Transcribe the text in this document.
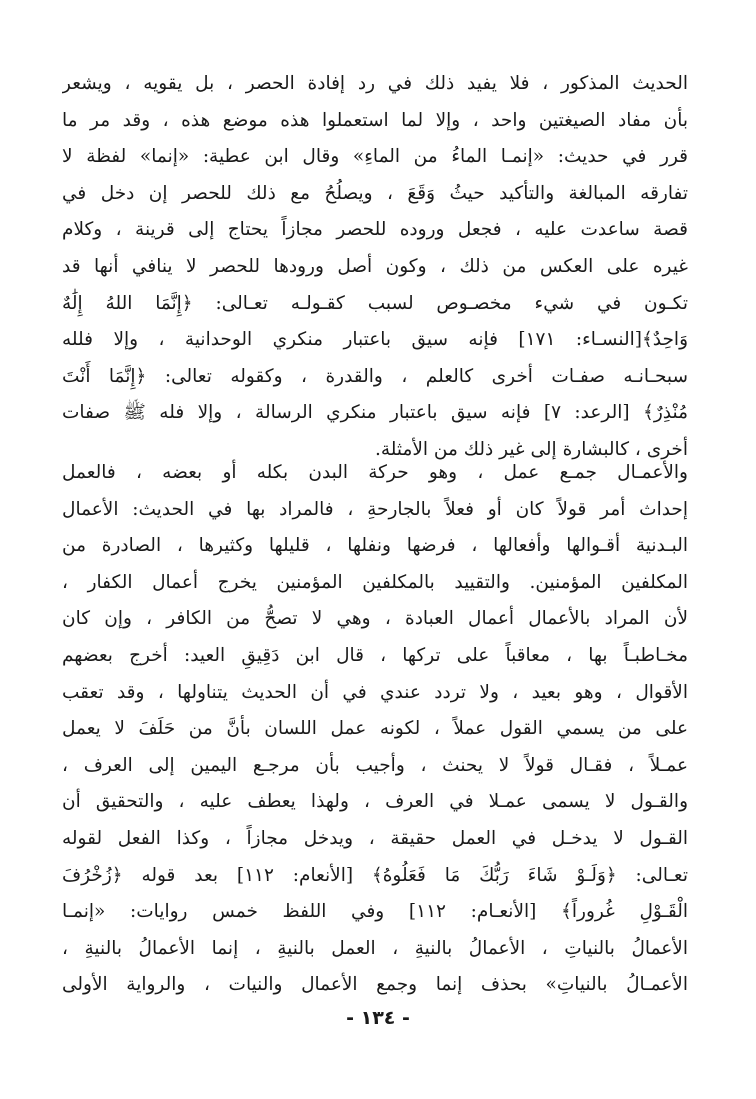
الحديث المذكور ، فلا يفيد ذلك في رد إفادة الحصر ، بل يقويه ، ويشعر
بأن مفاد الصيغتين واحد ، وإلا لما استعملوا هذه موضع هذه ، وقد مر ما
قرر في حديث: «إنمـا الماءُ من الماءِ» وقال ابن عطية: «إنما» لفظة لا
تفارقه المبالغة والتأكيد حيثُ وَقَعَ ، ويصلُحُ مع ذلك للحصر إن دخل في
قصة ساعدت عليه ، فجعل وروده للحصر مجازاً يحتاج إلى قرينة ، وكلام
غيره على العكس من ذلك ، وكون أصل ورودها للحصر لا ينافي أنها قد
تكـون في شيء مخصـوص لسبب كقـولـه تعـالى: ﴿إِنَّمَا اللهُ إِلَٰهٌ
وَاحِدٌ﴾[النسـاء: ١٧١] فإنه سيق باعتبار منكري الوحدانية ، وإلا فلله
سبحـانـه صفـات أخرى كالعلم ، والقدرة ، وكقوله تعالى: ﴿إِنَّمَا أَنْتَ
مُنْذِرٌ﴾ [الرعد: ٧] فإنه سيق باعتبار منكري الرسالة ، وإلا فله ﷺ صفات
أخرى ، كالبشارة إلى غير ذلك من الأمثلة.
والأعمـال جمـع عمل ، وهو حركة البدن بكله أو بعضه ، فالعمل
إحداث أمر قولاً كان أو فعلاً بالجارحةِ ، فالمراد بها في الحديث: الأعمال
البـدنية أقـوالها وأفعالها ، فرضها ونفلها ، قليلها وكثيرها ، الصادرة من
المكلفين المؤمنين. والتقييد بالمكلفين المؤمنين يخرج أعمال الكفار ،
لأن المراد بالأعمال أعمال العبادة ، وهي لا تصحُّ من الكافر ، وإن كان
مخـاطبـاً بها ، معاقباً على تركها ، قال ابن دَقِيقِ العيد: أخرج بعضهم
الأقوال ، وهو بعيد ، ولا تردد عندي في أن الحديث يتناولها ، وقد تعقب
على من يسمي القول عملاً ، لكونه عمل اللسان بأنَّ من حَلَفَ لا يعمل
عمـلاً ، فقـال قولاً لا يحنث ، وأجيب بأن مرجـع اليمين إلى العرف ،
والقـول لا يسمى عمـلا في العرف ، ولهذا يعطف عليه ، والتحقيق أن
القـول لا يدخـل في العمل حقيقة ، ويدخل مجازاً ، وكذا الفعل لقوله
تعـالى: ﴿وَلَـوْ شَاءَ رَبُّكَ مَا فَعَلُوهُ﴾ [الأنعام: ١١٢] بعد قوله ﴿زُخْرُفَ
الْقَـوْلِ غُروراً﴾ [الأنعـام: ١١٢] وفي اللفظ خمس روايات: «إنمـا
الأعمالُ بالنياتِ ، الأعمالُ بالنيةِ ، العمل بالنيةِ ، إنما الأعمالُ بالنيةِ ،
الأعمـالُ بالنياتِ» بحذف إنما وجمع الأعمال والنيات ، والرواية الأولى
- ١٣٤ -
